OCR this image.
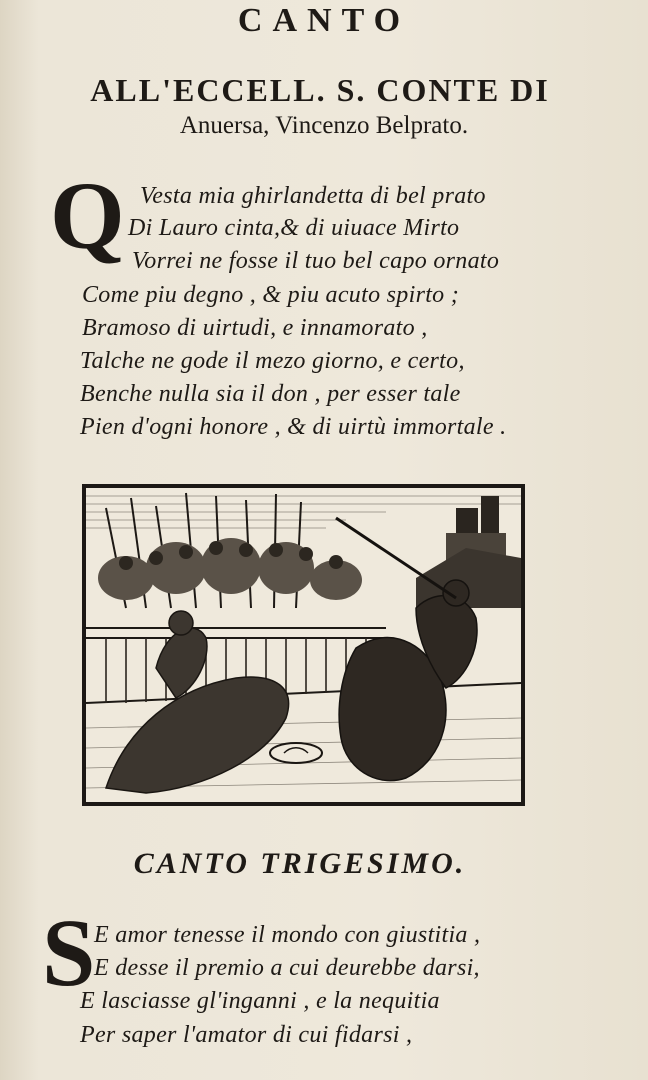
CANTO
ALL'ECCELL. S. CONTE DI
Anuersa, Vincenzo Belprato.
Q Vesta mia ghirlandetta di bel prato
Di Lauro cinta,& di uiuace Mirto
Vorrei ne fosse il tuo bel capo ornato
Come piu degno , & piu acuto spirto ;
Bramoso di uirtudi, e innamorato ,
Talche ne gode il mezo giorno, e certo,
Benche nulla sia il don , per esser tale
Pien d'ogni honore , & di uirtù immortale .
CANTO TRIGESIMO.
S
E amor tenesse il mondo con giustitia ,
E desse il premio a cui deurebbe darsi,
E lasciasse gl'inganni , e la nequitia
Per saper l'amator di cui fidarsi ,
